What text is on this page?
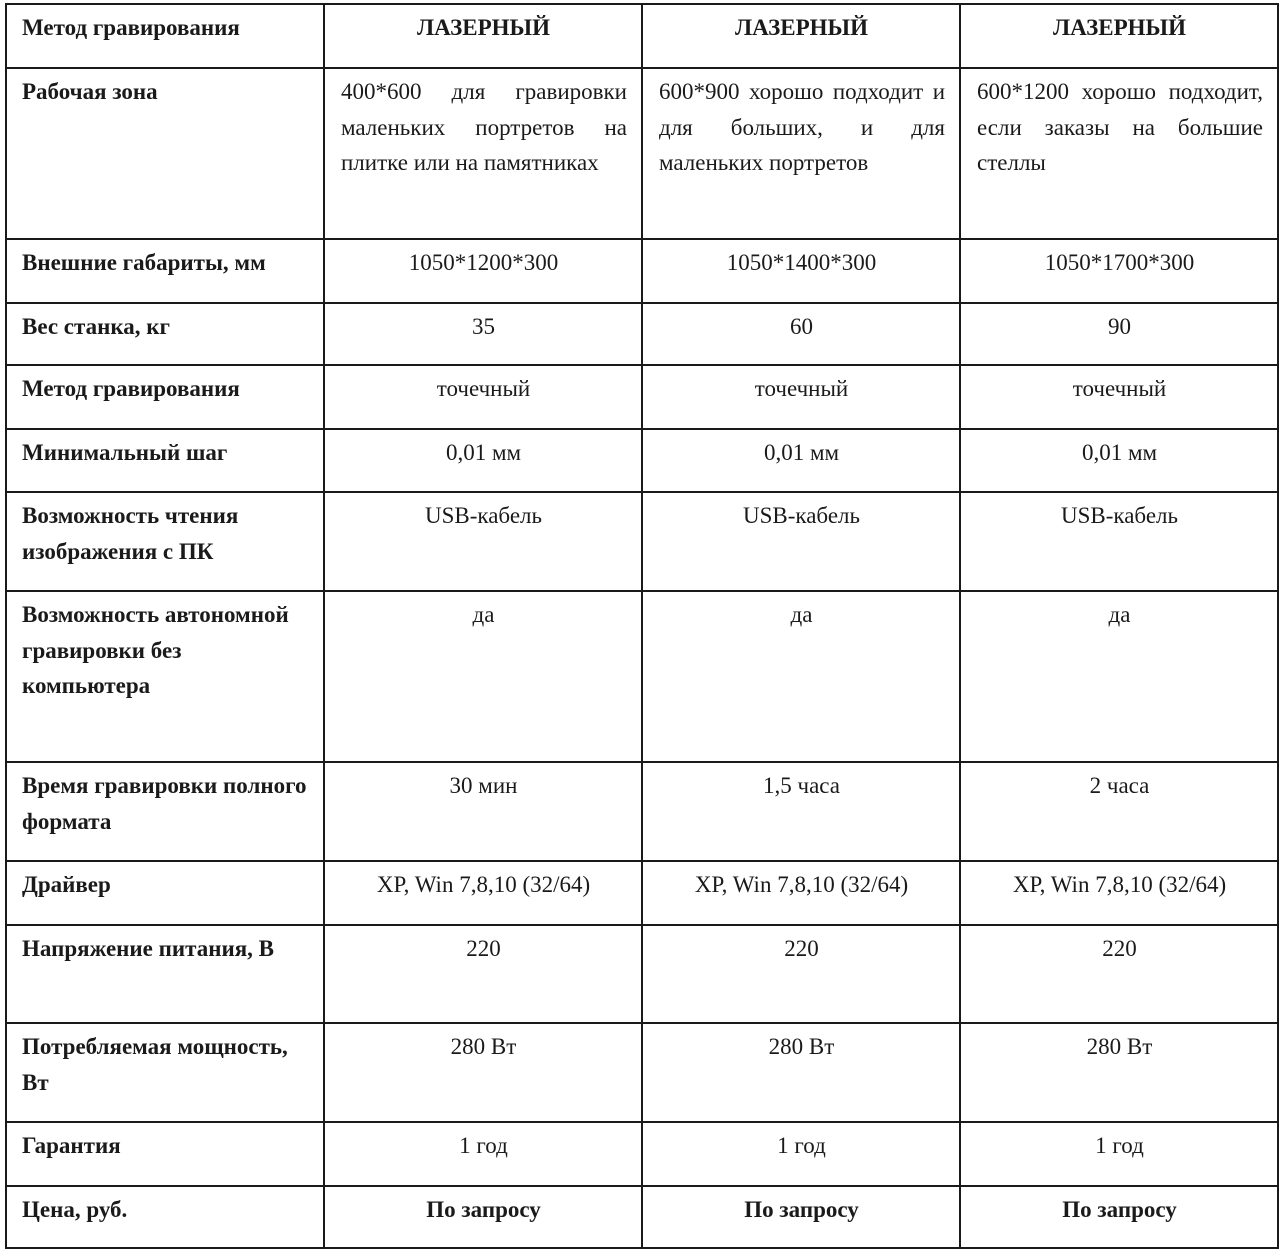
Метод гравирования	ЛАЗЕРНЫЙ	ЛАЗЕРНЫЙ	ЛАЗЕРНЫЙ
Рабочая зона	400*600 для гравировки маленьких портретов на плитке или на памятниках	600*900 хорошо подходит и для больших, и для маленьких портретов	600*1200 хорошо подходит, если заказы на большие стеллы
Внешние габариты, мм	1050*1200*300	1050*1400*300	1050*1700*300
Вес станка, кг	35	60	90
Метод гравирования	точечный	точечный	точечный
Минимальный шаг	0,01 мм	0,01 мм	0,01 мм
Возможность чтения изображения с ПК	USB-кабель	USB-кабель	USB-кабель
Возможность автономной гравировки без компьютера	да	да	да
Время гравировки полного формата	30 мин	1,5 часа	2 часа
Драйвер	XP, Win 7,8,10 (32/64)	XP, Win 7,8,10 (32/64)	XP, Win 7,8,10 (32/64)
Напряжение питания, В	220	220	220
Потребляемая мощность, Вт	280 Вт	280 Вт	280 Вт
Гарантия	1 год	1 год	1 год
Цена, руб.	По запросу	По запросу	По запросу
